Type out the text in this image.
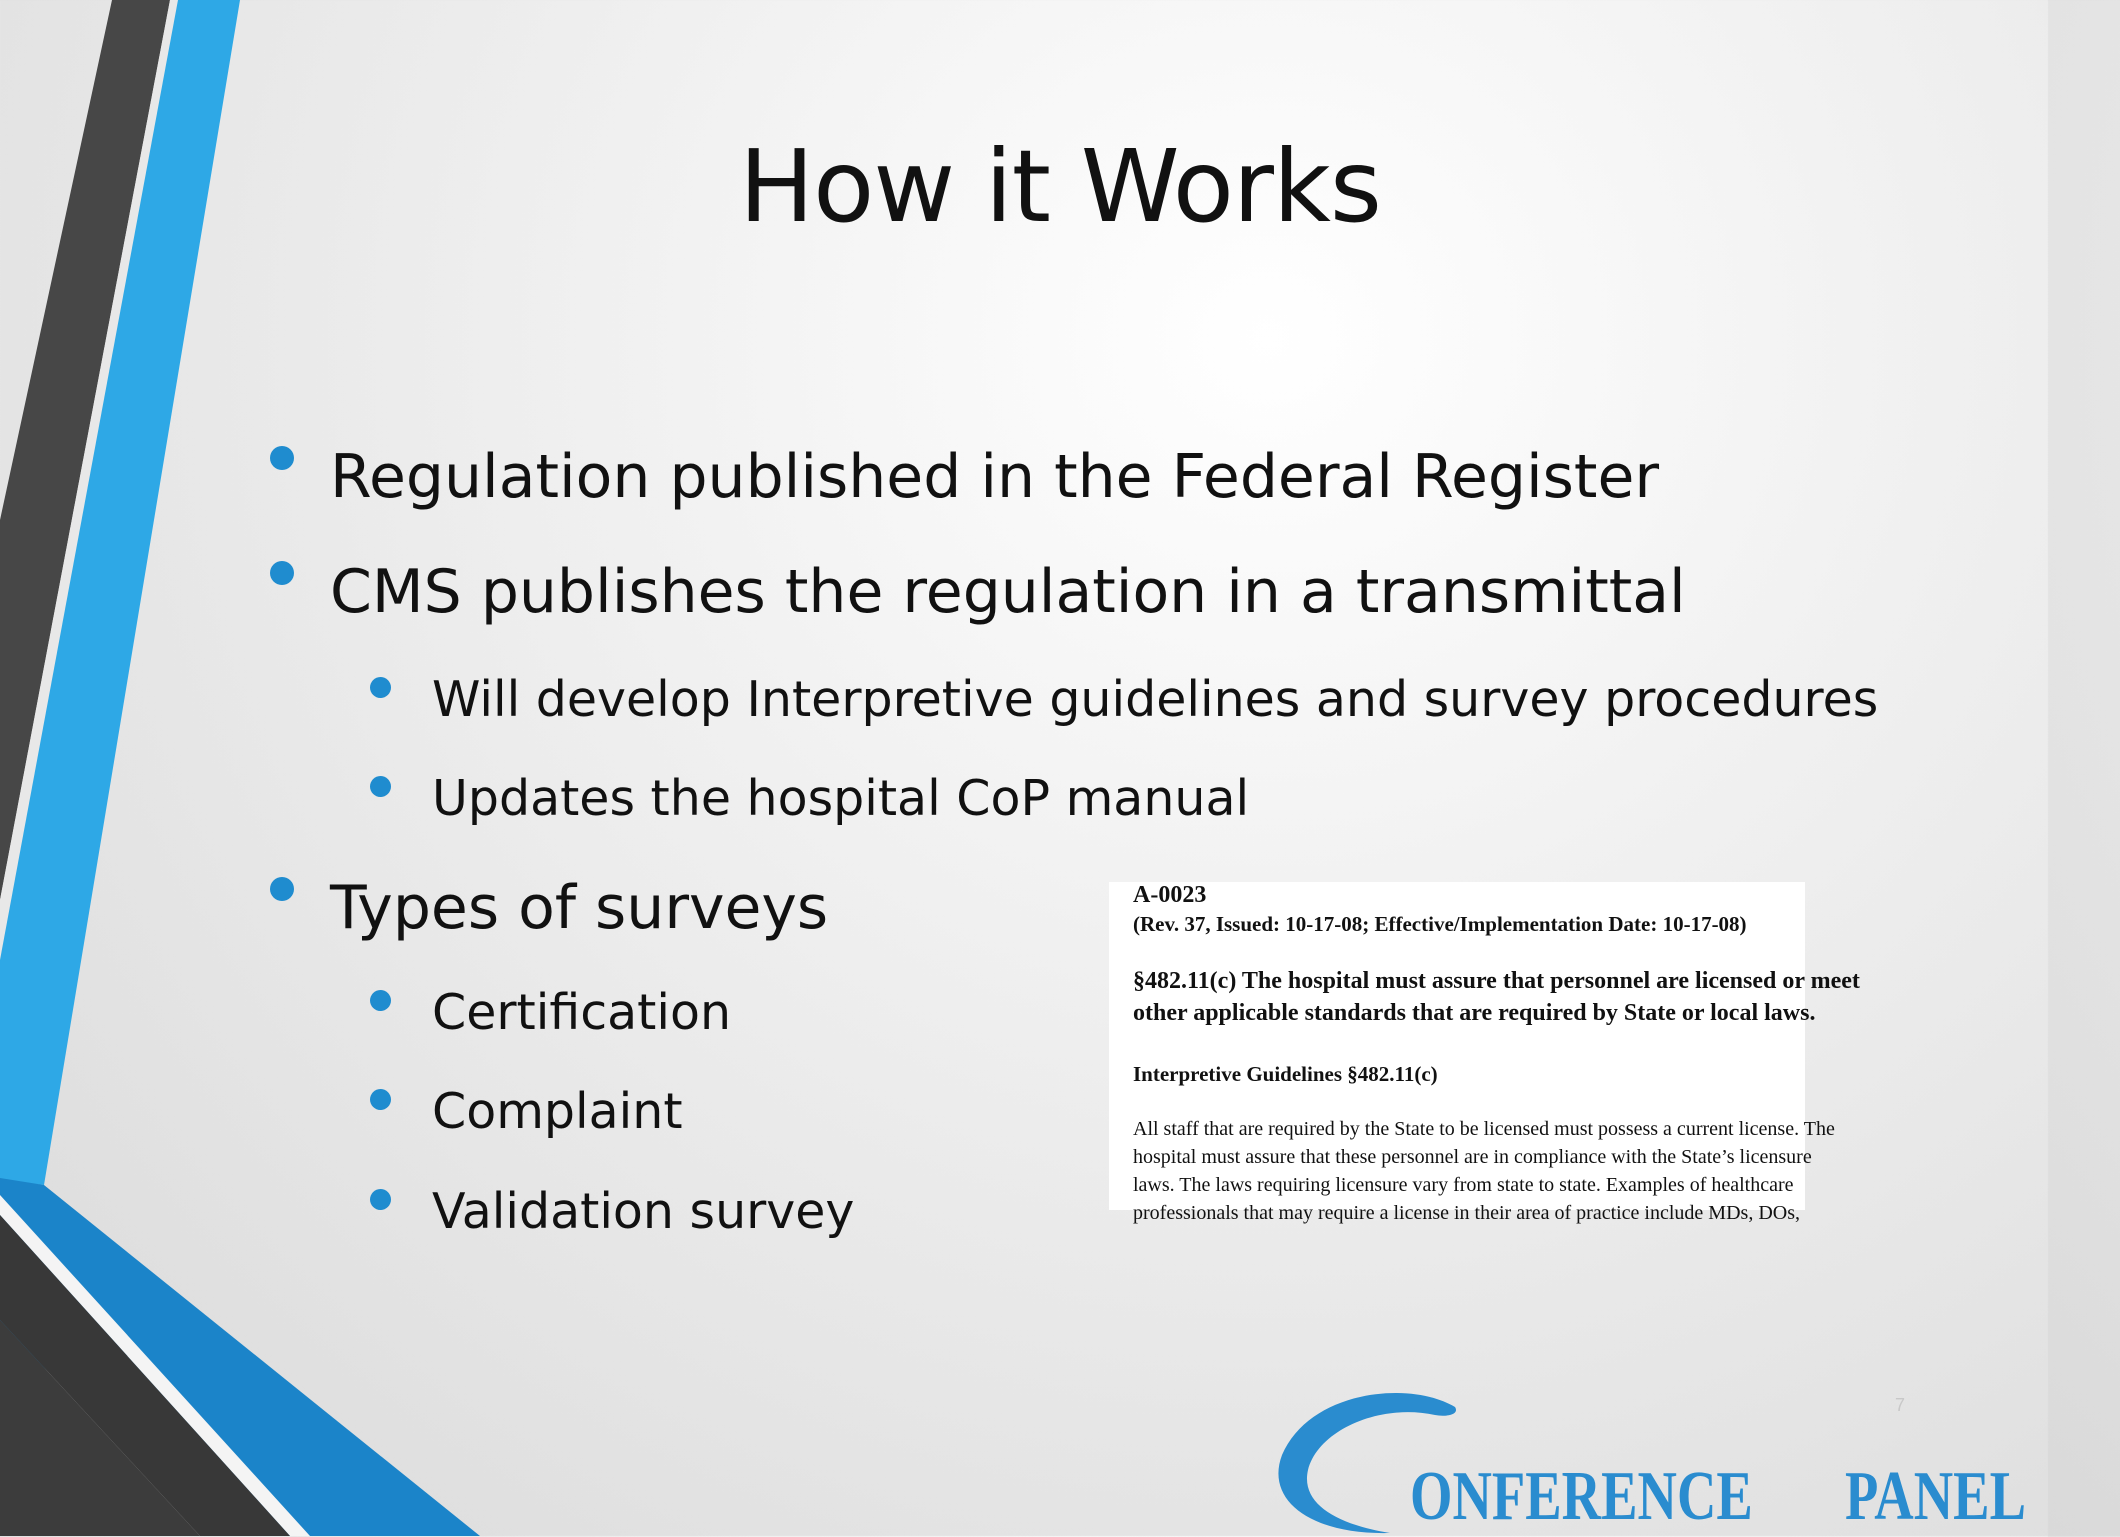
How it Works
Regulation published in the Federal Register
CMS publishes the regulation in a transmittal
Will develop Interpretive guidelines and survey procedures
Updates the hospital CoP manual
Types of surveys
Certification
Complaint
Validation survey
A-0023
(Rev. 37, Issued: 10-17-08; Effective/Implementation Date: 10-17-08)
§482.11(c) The hospital must assure that personnel are licensed or meet
other applicable standards that are required by State or local laws.
Interpretive Guidelines §482.11(c)
All staff that are required by the State to be licensed must possess a current license. The
hospital must assure that these personnel are in compliance with the State’s licensure
laws. The laws requiring licensure vary from state to state. Examples of healthcare
professionals that may require a license in their area of practice include MDs, DOs,
7
ONFERENCE PANEL
